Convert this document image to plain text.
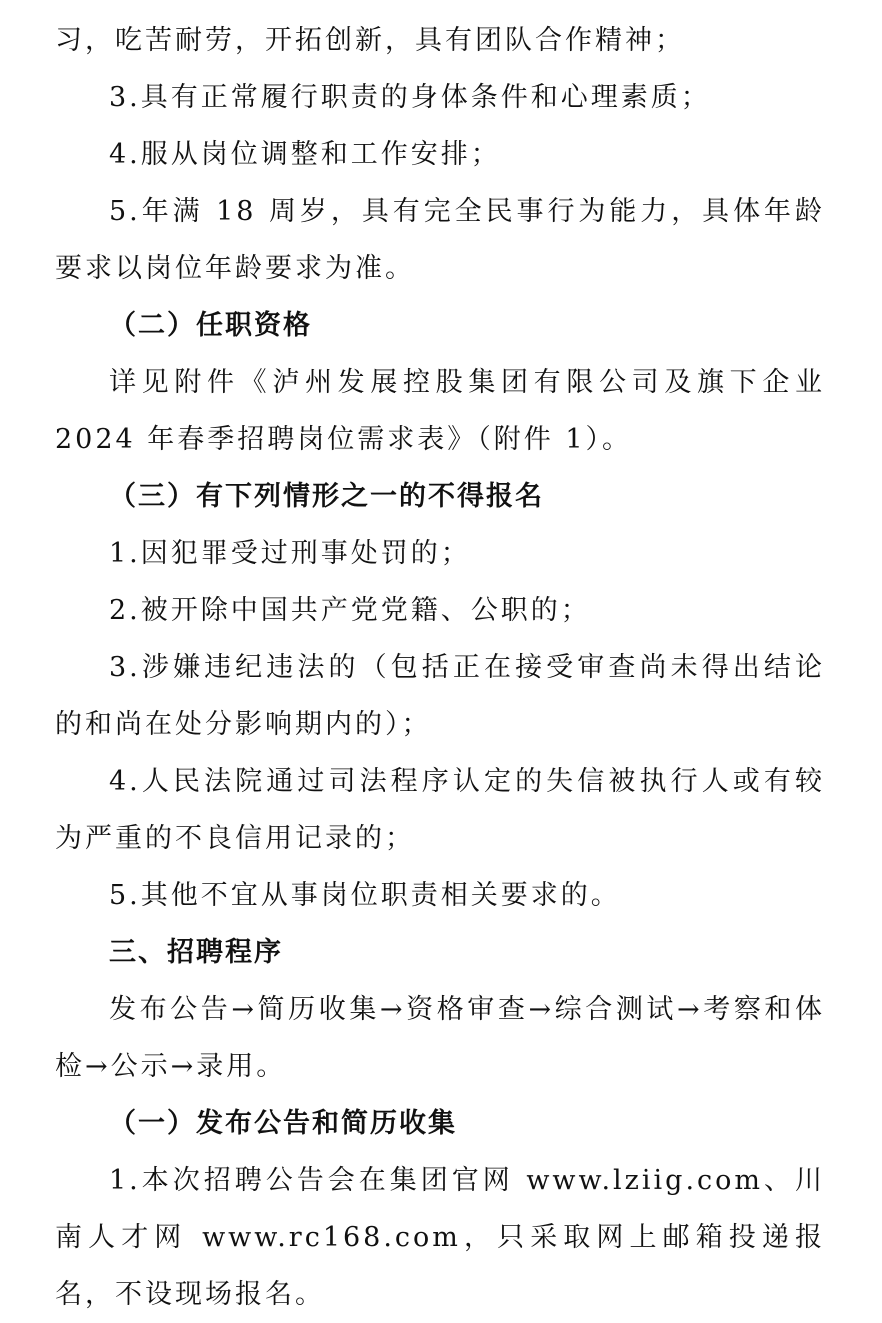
习，吃苦耐劳，开拓创新，具有团队合作精神；

3.具有正常履行职责的身体条件和心理素质；

4.服从岗位调整和工作安排；

5.年满 18 周岁，具有完全民事行为能力，具体年龄要求以岗位年龄要求为准。

（二）任职资格

详见附件《泸州发展控股集团有限公司及旗下企业 2024 年春季招聘岗位需求表》（附件 1）。

（三）有下列情形之一的不得报名

1.因犯罪受过刑事处罚的；

2.被开除中国共产党党籍、公职的；

3.涉嫌违纪违法的（包括正在接受审查尚未得出结论的和尚在处分影响期内的）；

4.人民法院通过司法程序认定的失信被执行人或有较为严重的不良信用记录的；

5.其他不宜从事岗位职责相关要求的。

三、招聘程序

发布公告→简历收集→资格审查→综合测试→考察和体检→公示→录用。

（一）发布公告和简历收集

1.本次招聘公告会在集团官网 www.lziig.com、川南人才网 www.rc168.com，只采取网上邮箱投递报名，不设现场报名。
